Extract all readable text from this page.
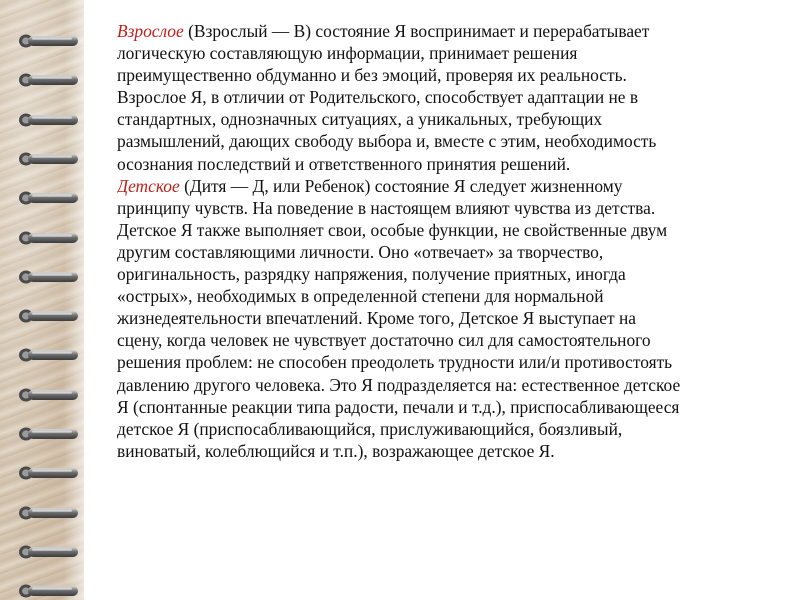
Взрослое (Взрослый — В) состояние Я воспринимает и перерабатывает
логическую составляющую информации, принимает решения
преимущественно обдуманно и без эмоций, проверяя их реальность.
Взрослое Я, в отличии от Родительского, способствует адаптации не в
стандартных, однозначных ситуациях, а уникальных, требующих
размышлений, дающих свободу выбора и, вместе с этим, необходимость
осознания последствий и ответственного принятия решений.
Детское (Дитя — Д, или Ребенок) состояние Я следует жизненному
принципу чувств. На поведение в настоящем влияют чувства из детства.
Детское Я также выполняет свои, особые функции, не свойственные двум
другим составляющими личности. Оно «отвечает» за творчество,
оригинальность, разрядку напряжения, получение приятных, иногда
«острых», необходимых в определенной степени для нормальной
жизнедеятельности впечатлений. Кроме того, Детское Я выступает на
сцену, когда человек не чувствует достаточно сил для самостоятельного
решения проблем: не способен преодолеть трудности или/и противостоять
давлению другого человека. Это Я подразделяется на: естественное детское
Я (спонтанные реакции типа радости, печали и т.д.), приспосабливающееся
детское Я (приспосабливающийся, прислуживающийся, боязливый,
виноватый, колеблющийся и т.п.), возражающее детское Я.
